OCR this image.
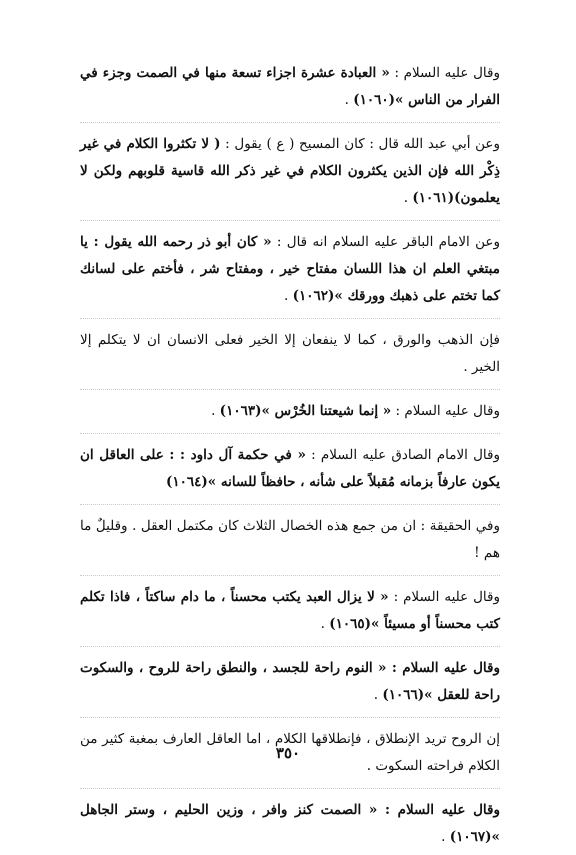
وقال عليه السلام : « العبادة عشرة اجزاء تسعة منها في الصمت وجزء في الفرار من الناس »(١٠٦٠) .

وعن أبي عبد الله قال : كان المسيح ( ع ) يقول : ( لا تكثروا الكلام في غير ذِكْر الله فإن الذين يكثرون الكلام في غير ذكر الله قاسية قلوبهم ولكن لا يعلمون)(١٠٦١) .

وعن الامام الباقر عليه السلام انه قال : « كان أبو ذر رحمه الله يقول : يا مبتغي العلم ان هذا اللسان مفتاح خير ، ومفتاح شر ، فأختم على لسانك كما تختم على ذهبك وورقك »(١٠٦٢) .

فإن الذهب والورق ، كما لا ينفعان إلا الخير فعلى الانسان ان لا يتكلم إلا الخير .

وقال عليه السلام : « إنما شيعتنا الخُرْس »(١٠٦٣) .

وقال الامام الصادق عليه السلام : « في حكمة آل داود : : على العاقل ان يكون عارفاً بزمانه مُقبلاً على شأنه ، حافظاً للسانه »(١٠٦٤)

وفي الحقيقة : ان من جمع هذه الخصال الثلاث كان مكتمل العقل . وقليلٌ ما هم !

وقال عليه السلام : « لا يزال العبد يكتب محسناً ، ما دام ساكتاً ، فاذا تكلم كتب محسناً أو مسيئاً »(١٠٦٥) .

وقال عليه السلام : « النوم راحة للجسد ، والنطق راحة للروح ، والسكوت راحة للعقل »(١٠٦٦) .

إن الروح تريد الإنطلاق ، فإنطلاقها الكلام ، اما العاقل العارف بمغبة كثير من الكلام فراحته السكوت .

وقال عليه السلام : « الصمت كنز وافر ، وزين الحليم ، وستر الجاهل »(١٠٦٧) .

٣٥٠
